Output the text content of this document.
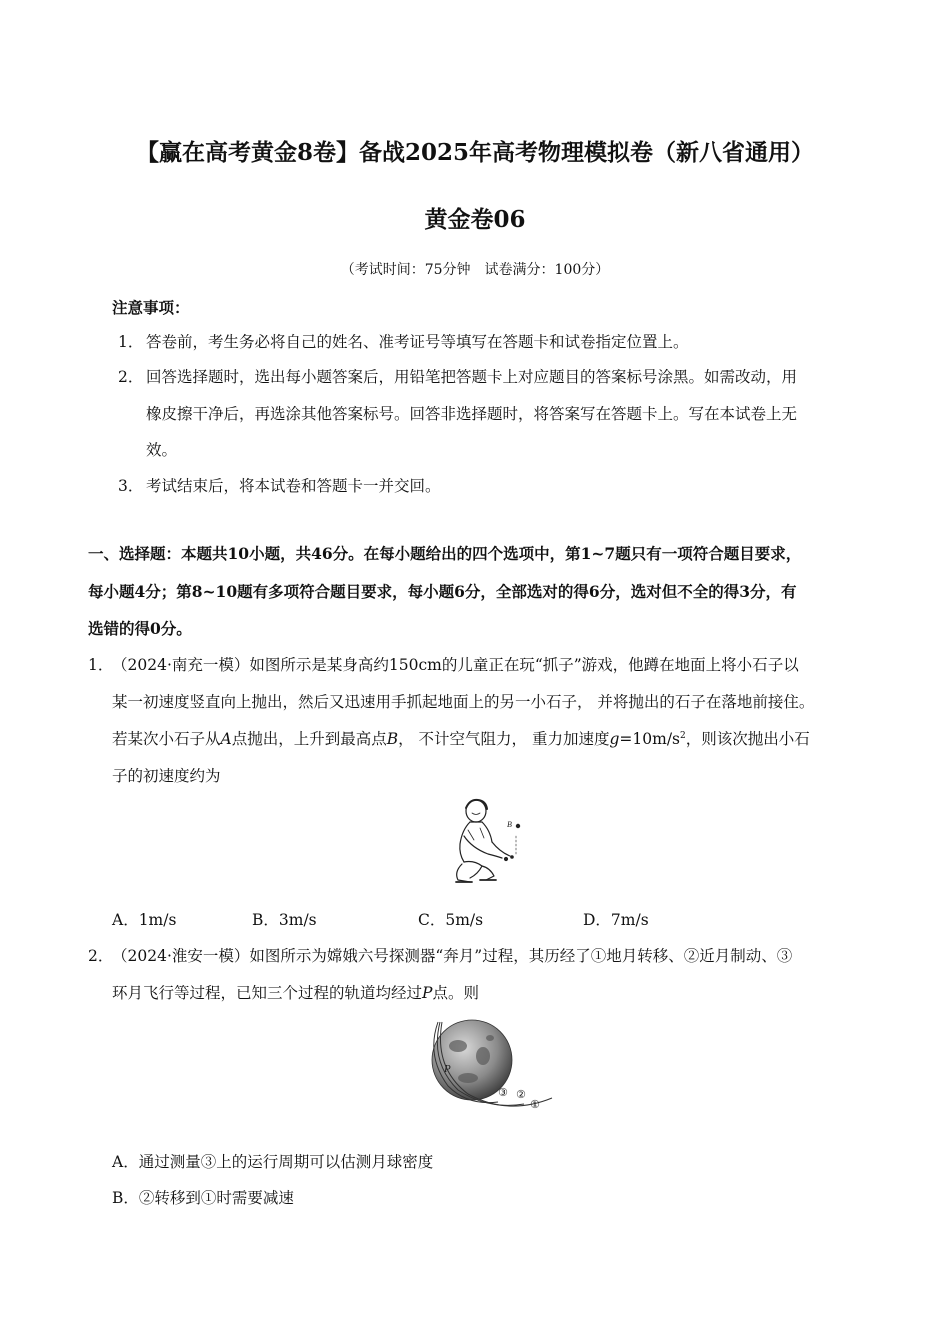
【赢在高考黄金8卷】备战2025年高考物理模拟卷（新八省通用）
黄金卷06
（考试时间：75分钟　试卷满分：100分）
注意事项：
1． 答卷前，考生务必将自己的姓名、准考证号等填写在答题卡和试卷指定位置上。
2． 回答选择题时，选出每小题答案后，用铅笔把答题卡上对应题目的答案标号涂黑。如需改动，用
橡皮擦干净后，再选涂其他答案标号。回答非选择题时，将答案写在答题卡上。写在本试卷上无
效。
3． 考试结束后，将本试卷和答题卡一并交回。
一、选择题：本题共10小题，共46分。在每小题给出的四个选项中，第1~7题只有一项符合题目要求，
每小题4分；第8~10题有多项符合题目要求，每小题6分，全部选对的得6分，选对但不全的得3分，有
选错的得0分。
1．
（2024·南充一模）如图所示是某身高约150cm的儿童正在玩“抓子”游戏，他蹲在地面上将小石子以
某一初速度竖直向上抛出，然后又迅速用手抓起地面上的另一小石子， 并将抛出的石子在落地前接住。
若某次小石子从A点抛出，上升到最高点B， 不计空气阻力， 重力加速度$g=10m/s^2$，则该次抛出小石
子的初速度约为
B
A．1m/s	B．3m/s	C．5m/s	D．7m/s
2．
（2024·淮安一模）如图所示为嫦娥六号探测器“奔月”过程，其历经了①地月转移、②近月制动、③
环月飞行等过程，已知三个过程的轨道均经过P点。则
P
③ ②
①
A．通过测量③上的运行周期可以估测月球密度
B．②转移到①时需要减速
